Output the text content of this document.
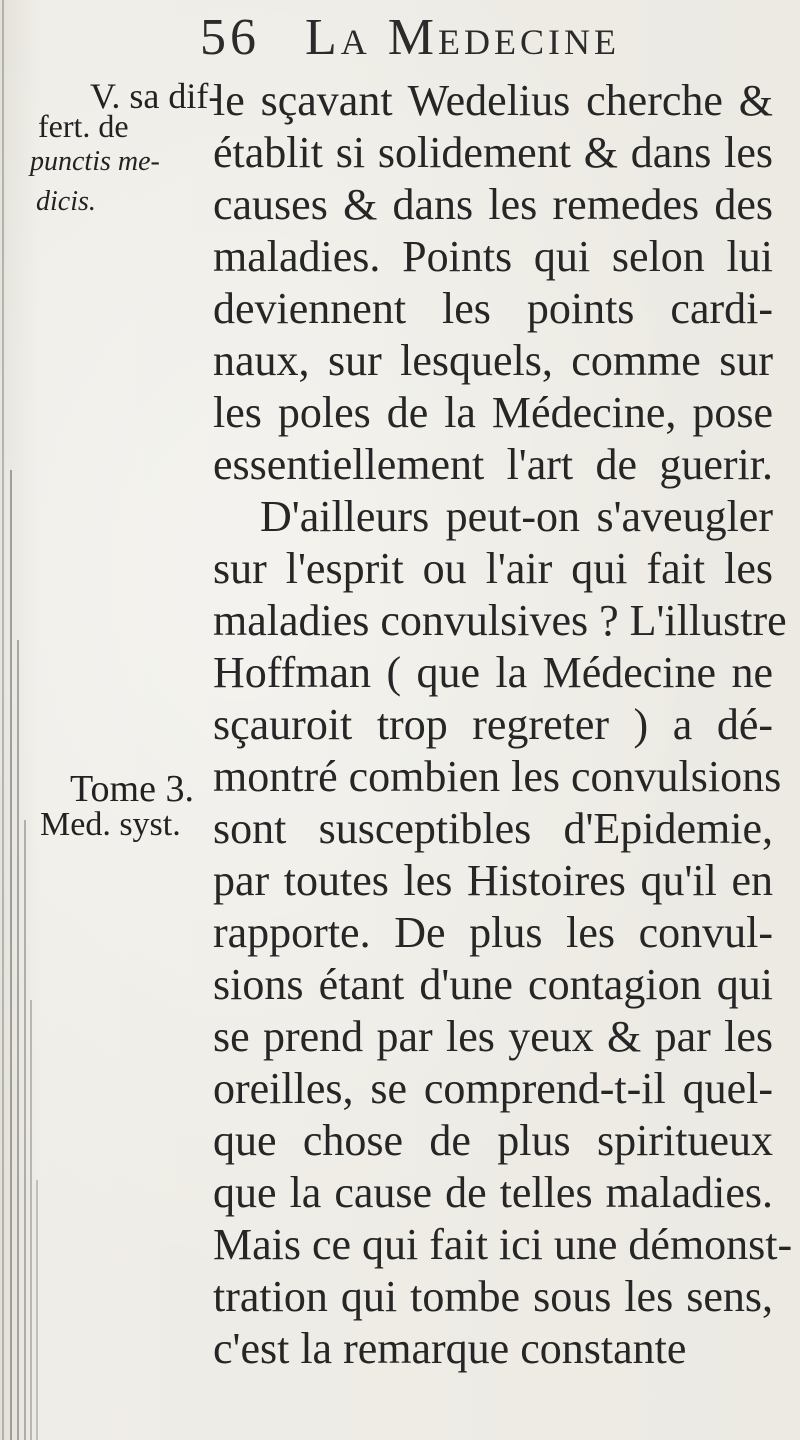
56 La Medecine
V. sa dif-
fert. de
punctis me-
dicis.
Tome 3.
Med. syst.
le sçavant Wedelius cherche &
établit si solidement & dans les
causes & dans les remedes des
maladies. Points qui selon lui
deviennent les points cardi-
naux, sur lesquels, comme sur
les poles de la Médecine, pose
essentiellement l'art de guerir.
D'ailleurs peut-on s'aveugler
sur l'esprit ou l'air qui fait les
maladies convulsives ? L'illustre
Hoffman ( que la Médecine ne
sçauroit trop regreter ) a dé-
montré combien les convulsions
sont susceptibles d'Epidemie,
par toutes les Histoires qu'il en
rapporte. De plus les convul-
sions étant d'une contagion qui
se prend par les yeux & par les
oreilles, se comprend-t-il quel-
que chose de plus spiritueux
que la cause de telles maladies.
Mais ce qui fait ici une démonst-
tration qui tombe sous les sens,
c'est la remarque constante
